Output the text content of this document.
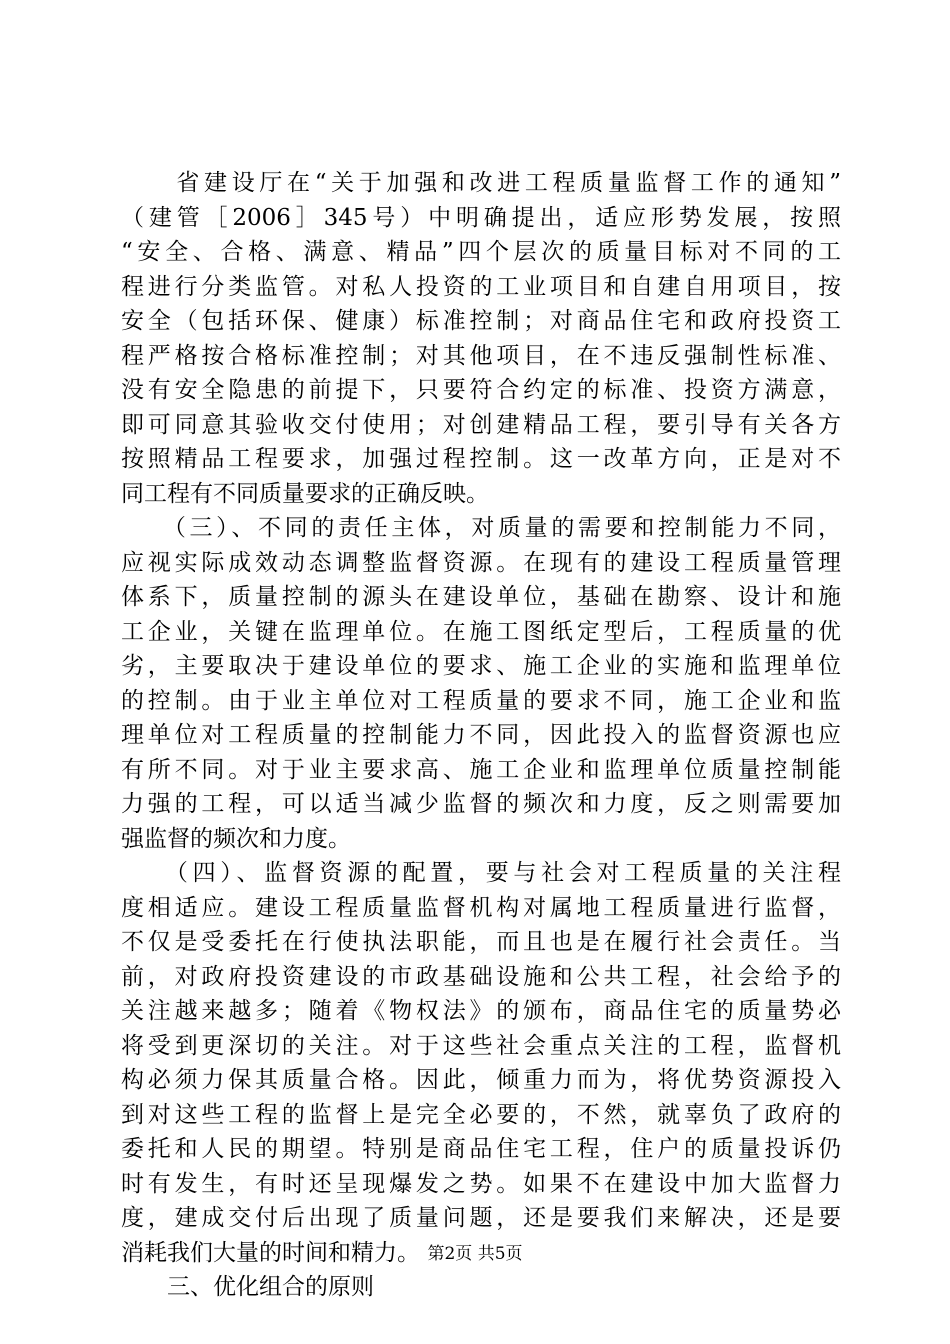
　　省建设厅在“关于加强和改进工程质量监督工作的通知”
（建管［2006］345号）中明确提出，适应形势发展，按照
“安全、合格、满意、精品”四个层次的质量目标对不同的工
程进行分类监管。对私人投资的工业项目和自建自用项目，按
安全（包括环保、健康）标准控制；对商品住宅和政府投资工
程严格按合格标准控制；对其他项目，在不违反强制性标准、
没有安全隐患的前提下，只要符合约定的标准、投资方满意，
即可同意其验收交付使用；对创建精品工程，要引导有关各方
按照精品工程要求，加强过程控制。这一改革方向，正是对不
同工程有不同质量要求的正确反映。
　　（三）、不同的责任主体，对质量的需要和控制能力不同，
应视实际成效动态调整监督资源。在现有的建设工程质量管理
体系下，质量控制的源头在建设单位，基础在勘察、设计和施
工企业，关键在监理单位。在施工图纸定型后，工程质量的优
劣，主要取决于建设单位的要求、施工企业的实施和监理单位
的控制。由于业主单位对工程质量的要求不同，施工企业和监
理单位对工程质量的控制能力不同，因此投入的监督资源也应
有所不同。对于业主要求高、施工企业和监理单位质量控制能
力强的工程，可以适当减少监督的频次和力度，反之则需要加
强监督的频次和力度。
　　（四）、监督资源的配置，要与社会对工程质量的关注程
度相适应。建设工程质量监督机构对属地工程质量进行监督，
不仅是受委托在行使执法职能，而且也是在履行社会责任。当
前，对政府投资建设的市政基础设施和公共工程，社会给予的
关注越来越多；随着《物权法》的颁布，商品住宅的质量势必
将受到更深切的关注。对于这些社会重点关注的工程，监督机
构必须力保其质量合格。因此，倾重力而为，将优势资源投入
到对这些工程的监督上是完全必要的，不然，就辜负了政府的
委托和人民的期望。特别是商品住宅工程，住户的质量投诉仍
时有发生，有时还呈现爆发之势。如果不在建设中加大监督力
度，建成交付后出现了质量问题，还是要我们来解决，还是要
消耗我们大量的时间和精力。
　　三、优化组合的原则
第2页 共5页
